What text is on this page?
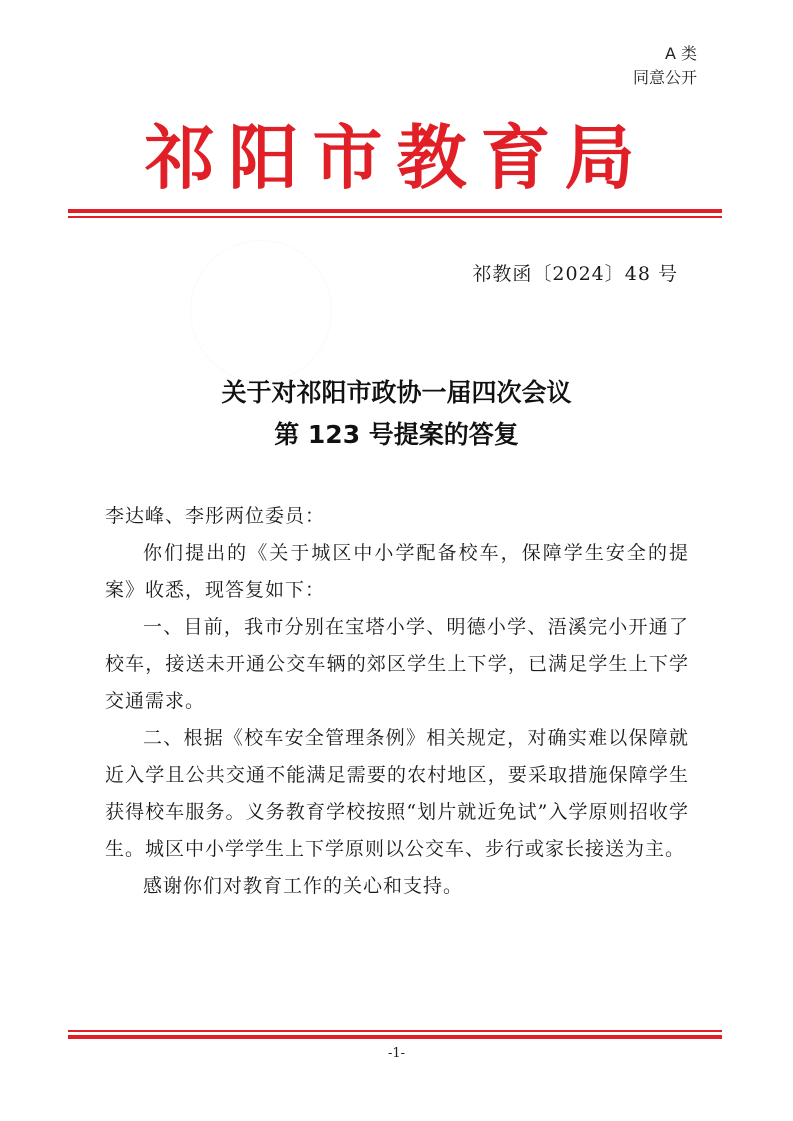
A 类
同意公开
祁阳市教育局
祁教函〔2024〕48 号
关于对祁阳市政协一届四次会议
第 123 号提案的答复

李达峰、李彤两位委员：

你们提出的《关于城区中小学配备校车，保障学生安全的提案》收悉，现答复如下：

一、目前，我市分别在宝塔小学、明德小学、浯溪完小开通了校车，接送未开通公交车辆的郊区学生上下学，已满足学生上下学交通需求。

二、根据《校车安全管理条例》相关规定，对确实难以保障就近入学且公共交通不能满足需要的农村地区，要采取措施保障学生获得校车服务。义务教育学校按照“划片就近免试”入学原则招收学生。城区中小学学生上下学原则以公交车、步行或家长接送为主。

感谢你们对教育工作的关心和支持。

-1-
